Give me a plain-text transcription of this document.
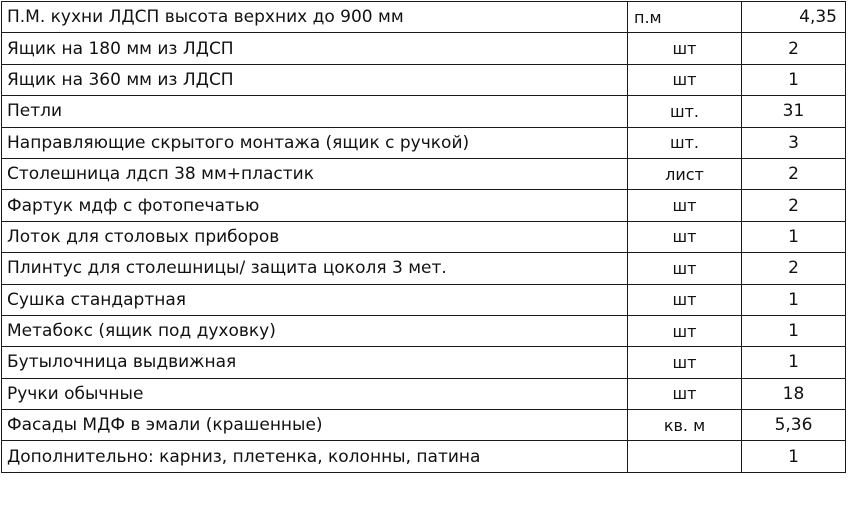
П.М. кухни ЛДСП высота верхних до 900 мм	п.м	4,35
Ящик на 180 мм из ЛДСП	шт	2
Ящик на 360 мм из ЛДСП	шт	1
Петли	шт.	31
Направляющие скрытого монтажа (ящик с ручкой)	шт.	3
Столешница лдсп 38 мм+пластик	лист	2
Фартук мдф с фотопечатью	шт	2
Лоток для столовых приборов	шт	1
Плинтус для столешницы/ защита цоколя 3 мет.	шт	2
Сушка стандартная	шт	1
Метабокс (ящик под духовку)	шт	1
Бутылочница выдвижная	шт	1
Ручки обычные	шт	18
Фасады МДФ в эмали (крашенные)	кв. м	5,36
Дополнительно: карниз, плетенка, колонны, патина		1
